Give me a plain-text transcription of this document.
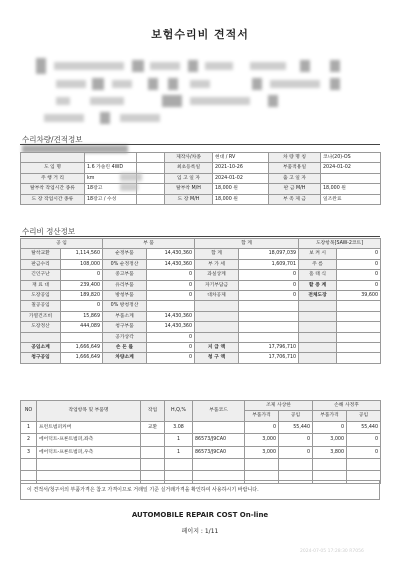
보험수리비 견적서
수리차량/견적정보
			제작사/차종	현대 / RV	차 량 명 칭	코나(20)-OS
도 입 명	1.6 가솔린 4WD		최초등록일	2021-10-26	부품적용일	2024-01-02
주 행 거 리	km		입 고 일 자	2024-01-02	출 고 일 자	
탈부착 작업시간 종류	18장고		탈부착 M/H	18,000 원	판 금 M/H	18,000 원
도 장 작업시간 종류	18장고 / 수성		도 장 M/H	18,000 원	부 족 제 금	일조완료
수리비 정산정보
공 임		부 품		합 계		도장항목[SAW-2코트]	
탈착교환	1,114,560	순정부품	14,430,360	합 계	18,097,039	보 켜 시	0
판금수리	108,000	0% 순정정산	14,430,360	부 가 세	1,609,701	주 름	0
긴인구난	0	중고부품	0	과실상계	0	흠 태 식	0
재 료 대	239,400	유리부품	0	자기부담금	0	할 증 계	0
도장공임	189,820	방청부품	0	대차공제	0	전체도장	39,600
칠공공임	0	0% 방청정산					
가열건조비	15,869	부품소계	14,430,360				
도장정산	444,089	청구부품	14,430,360				
		공가상각	0				
공임소계	1,666,649	손 돈 를	0	지 급 액	17,796,710		
청구공임	1,666,649	차량소계	0	청 구 액	17,706,710		
NO	작업항목 및 부품명	작업	H,Q,%	부품코드	조제 사상한		손해 사정후	
					부품가격	공임	부품가격	공임
1	프런트범퍼커버	교환	3.08		0	55,440	0	55,440
2	에어덕트-프론트범퍼,좌측		1	86573/J9CA0	3,000	0	3,000	0
3	에어덕트-프론트범퍼,우측		1	86573/J9CA0	3,000	0	3,800	0

이 견적서/청구서의 부품가격은 참고 가격이므로 거래일 기준 실거래가격을 확인하여 사용하시기 바랍니다.
AUTOMOBILE REPAIR COST On-line
페이지 : 1/11
2024-07-05 17:28:30 R7056
